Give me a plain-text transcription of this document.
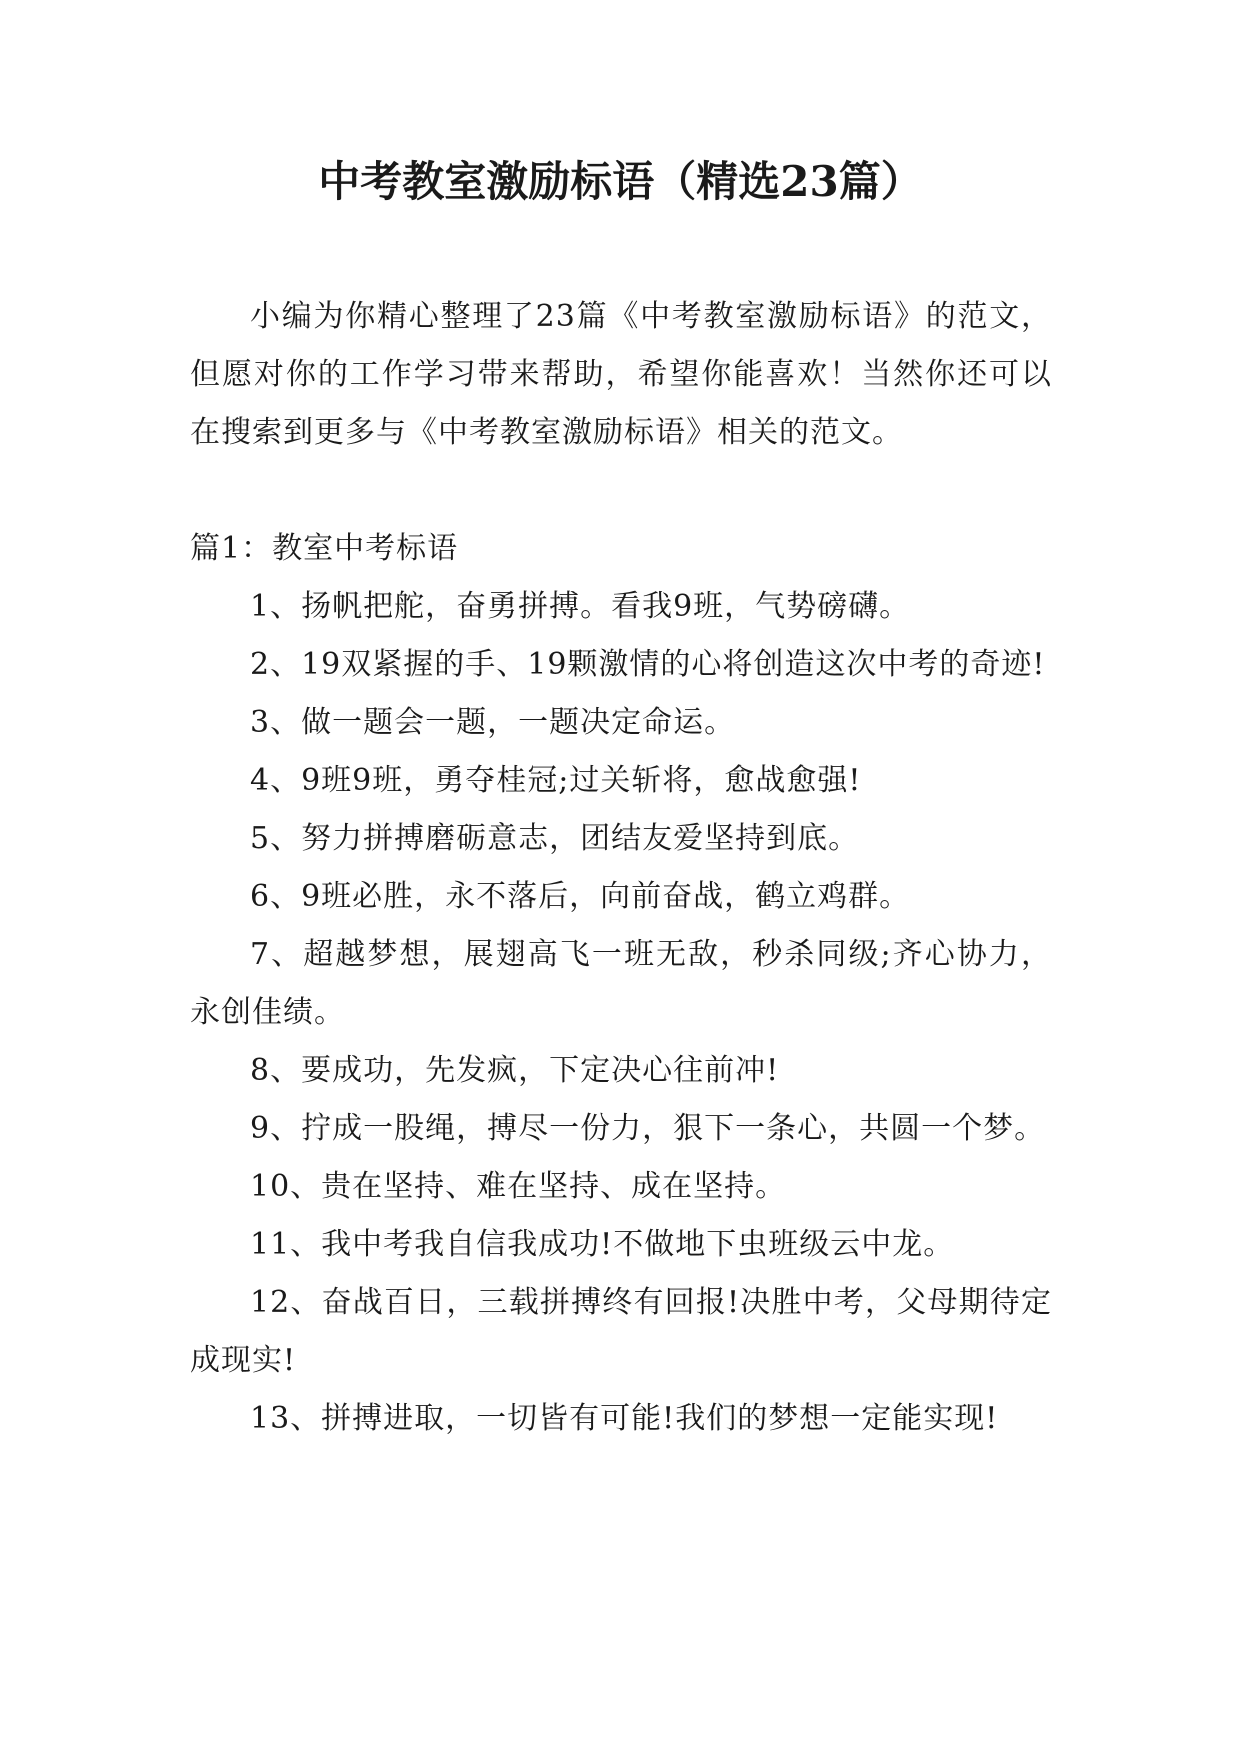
中考教室激励标语（精选23篇）

小编为你精心整理了23篇《中考教室激励标语》的范文，但愿对你的工作学习带来帮助，希望你能喜欢！当然你还可以在搜索到更多与《中考教室激励标语》相关的范文。

篇1：教室中考标语

1、扬帆把舵，奋勇拼搏。看我9班，气势磅礴。

2、19双紧握的手、19颗激情的心将创造这次中考的奇迹!

3、做一题会一题，一题决定命运。

4、9班9班，勇夺桂冠;过关斩将，愈战愈强!

5、努力拼搏磨砺意志，团结友爱坚持到底。

6、9班必胜，永不落后，向前奋战，鹤立鸡群。

7、超越梦想，展翅高飞一班无敌，秒杀同级;齐心协力，永创佳绩。

8、要成功，先发疯，下定决心往前冲!

9、拧成一股绳，搏尽一份力，狠下一条心，共圆一个梦。

10、贵在坚持、难在坚持、成在坚持。

11、我中考我自信我成功!不做地下虫班级云中龙。

12、奋战百日，三载拼搏终有回报!决胜中考，父母期待定成现实!

13、拼搏进取，一切皆有可能!我们的梦想一定能实现!
